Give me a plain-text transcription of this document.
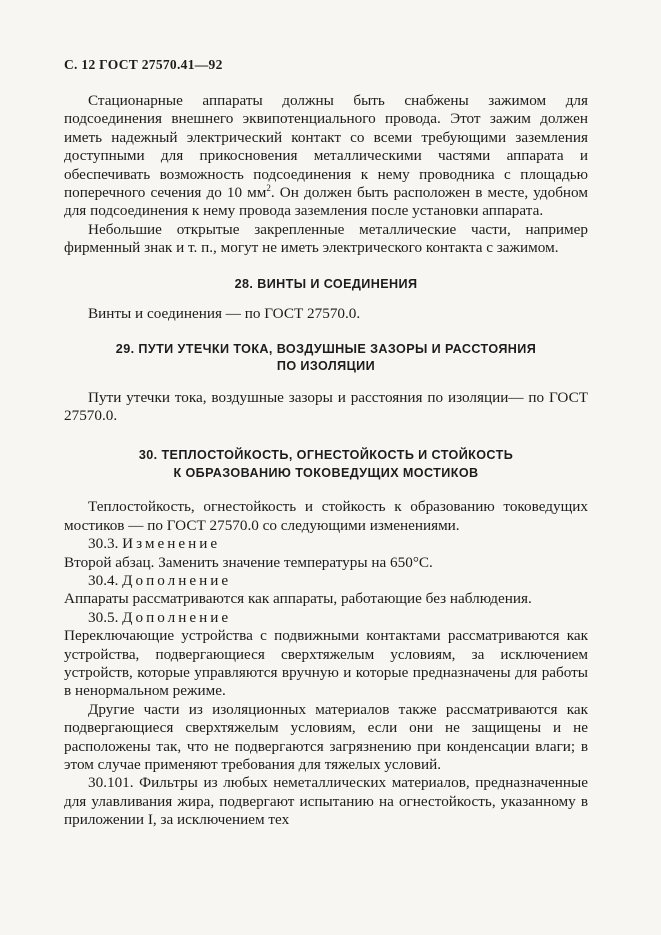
С. 12 ГОСТ 27570.41—92

Стационарные аппараты должны быть снабжены зажимом для подсоединения внешнего эквипотенциального провода. Этот зажим должен иметь надежный электрический контакт со всеми требующими заземления доступными для прикосновения металлическими частями аппарата и обеспечивать возможность подсоединения к нему проводника с площадью поперечного сечения до 10 $мм^2$. Он должен быть расположен в месте, удобном для подсоединения к нему провода заземления после установки аппарата.

Небольшие открытые закрепленные металлические части, например фирменный знак и т. п., могут не иметь электрического контакта с зажимом.

28. ВИНТЫ И СОЕДИНЕНИЯ

Винты и соединения — по ГОСТ 27570.0.

29. ПУТИ УТЕЧКИ ТОКА, ВОЗДУШНЫЕ ЗАЗОРЫ И РАССТОЯНИЯ
ПО ИЗОЛЯЦИИ

Пути утечки тока, воздушные зазоры и расстояния по изоляции— по ГОСТ 27570.0.

30. ТЕПЛОСТОЙКОСТЬ, ОГНЕСТОЙКОСТЬ И СТОЙКОСТЬ
К ОБРАЗОВАНИЮ ТОКОВЕДУЩИХ МОСТИКОВ

Теплостойкость, огнестойкость и стойкость к образованию токоведущих мостиков — по ГОСТ 27570.0 со следующими изменениями.

30.3. Изменение

Второй абзац. Заменить значение температуры на 650°С.

30.4. Дополнение

Аппараты рассматриваются как аппараты, работающие без наблюдения.

30.5. Дополнение

Переключающие устройства с подвижными контактами рассматриваются как устройства, подвергающиеся сверхтяжелым условиям, за исключением устройств, которые управляются вручную и которые предназначены для работы в ненормальном режиме.

Другие части из изоляционных материалов также рассматриваются как подвергающиеся сверхтяжелым условиям, если они не защищены и не расположены так, что не подвергаются загрязнению при конденсации влаги; в этом случае применяют требования для тяжелых условий.

30.101. Фильтры из любых неметаллических материалов, предназначенные для улавливания жира, подвергают испытанию на огнестойкость, указанному в приложении I, за исключением тех
